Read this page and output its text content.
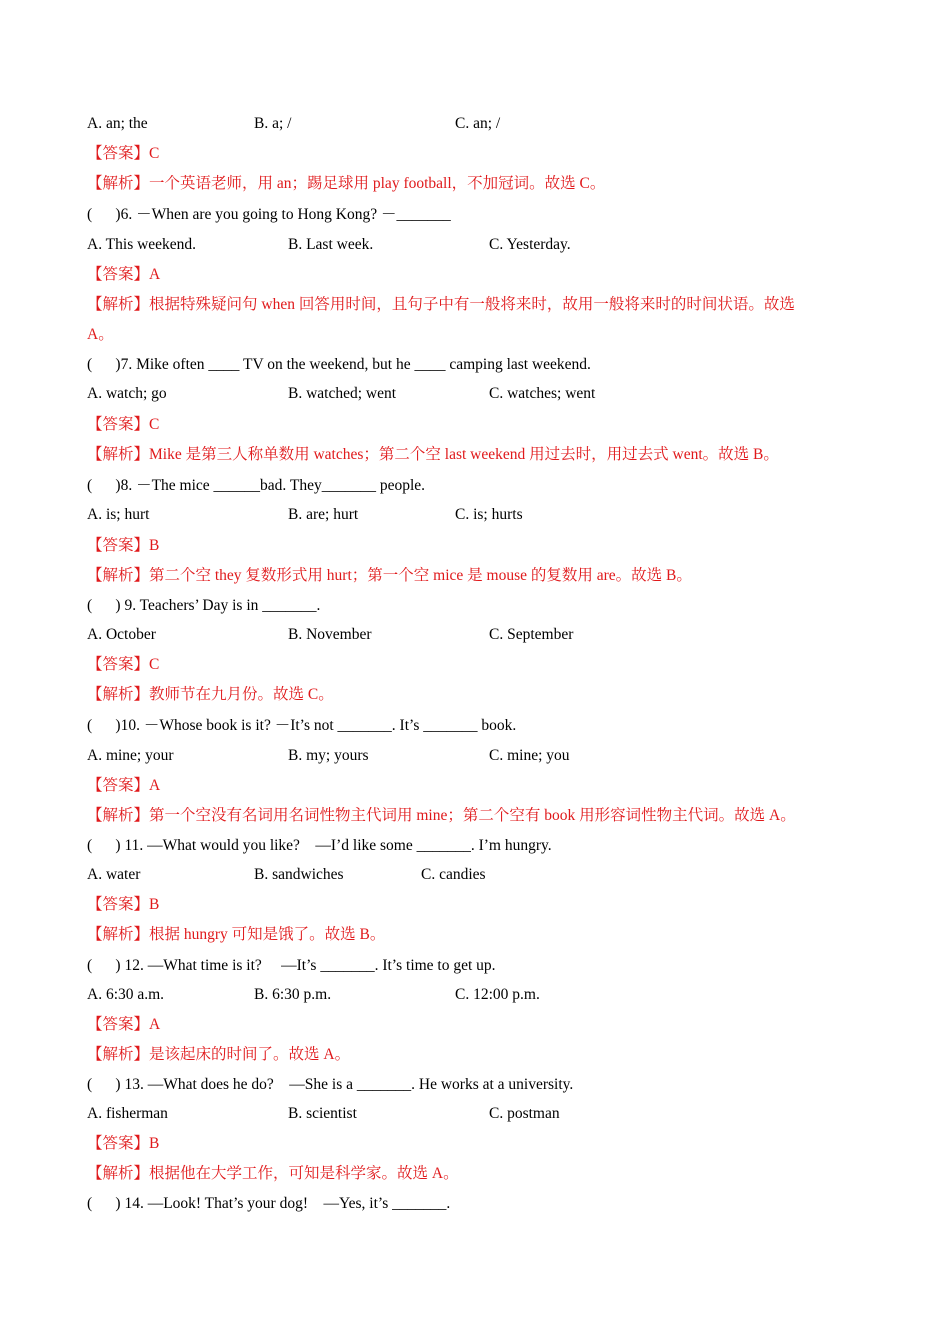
A. an; the	B. a; /	C. an; /
【答案】C
【解析】一个英语老师，用 an；踢足球用 play football，不加冠词。故选 C。
(      )6. －When are you going to Hong Kong? －_______
A. This weekend.	B. Last week.	C. Yesterday.
【答案】A
【解析】根据特殊疑问句 when 回答用时间，且句子中有一般将来时，故用一般将来时的时间状语。故选
A。
(      )7. Mike often ____ TV on the weekend, but he ____ camping last weekend.
A. watch; go	B. watched; went	C. watches; went
【答案】C
【解析】Mike 是第三人称单数用 watches；第二个空 last weekend 用过去时，用过去式 went。故选 B。
(      )8. －The mice ______bad. They_______ people.
A. is; hurt	B. are; hurt	C. is; hurts
【答案】B
【解析】第二个空 they 复数形式用 hurt；第一个空 mice 是 mouse 的复数用 are。故选 B。
(      ) 9. Teachers’ Day is in _______.
A. October	B. November	C. September
【答案】C
【解析】教师节在九月份。故选 C。
(      )10. －Whose book is it? －It’s not _______. It’s _______ book.
A. mine; your	B. my; yours	C. mine; you
【答案】A
【解析】第一个空没有名词用名词性物主代词用 mine；第二个空有 book 用形容词性物主代词。故选 A。
(      ) 11. —What would you like?    —I’d like some _______. I’m hungry.
A. water	B. sandwiches	C. candies
【答案】B
【解析】根据 hungry 可知是饿了。故选 B。
(      ) 12. —What time is it?     —It’s _______. It’s time to get up.
A. 6:30 a.m.	B. 6:30 p.m.	C. 12:00 p.m.
【答案】A
【解析】是该起床的时间了。故选 A。
(      ) 13. —What does he do?    —She is a _______. He works at a university.
A. fisherman	B. scientist	C. postman
【答案】B
【解析】根据他在大学工作，可知是科学家。故选 A。
(      ) 14. —Look! That’s your dog!    —Yes, it’s _______.
